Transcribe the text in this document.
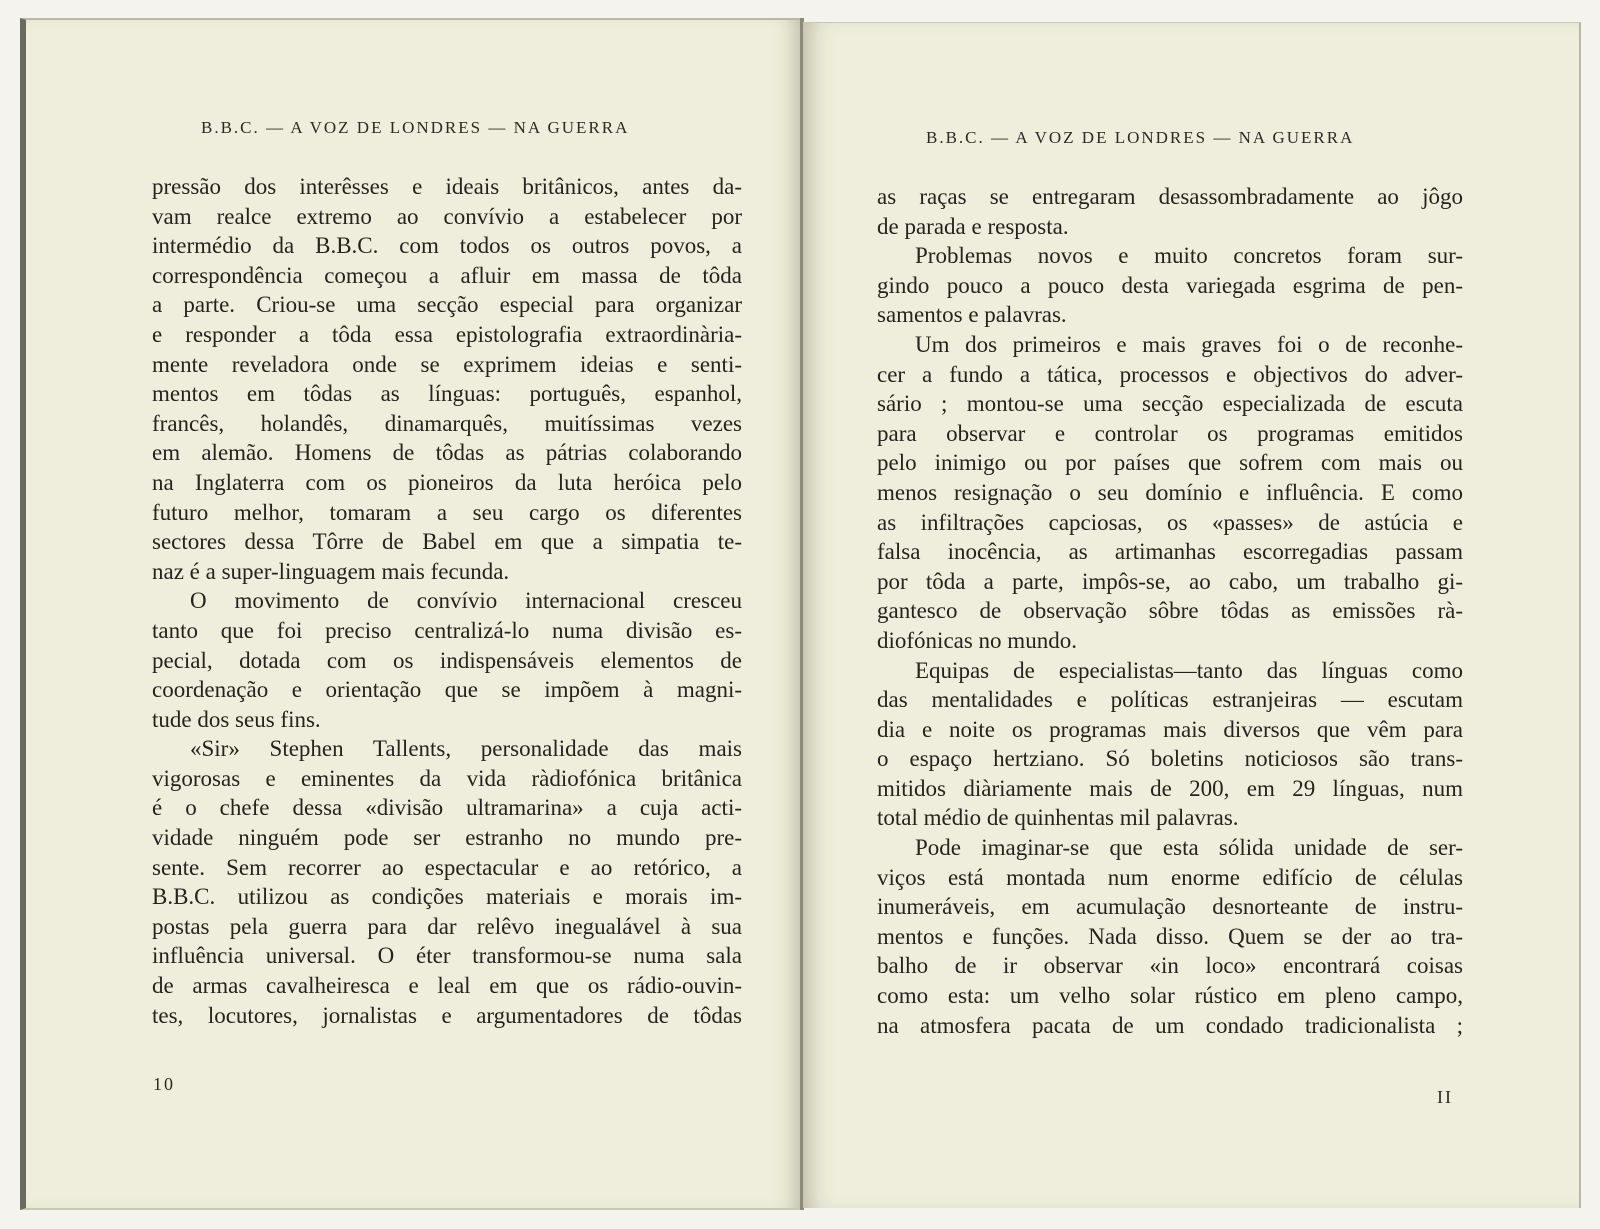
B.B.C. — A VOZ DE LONDRES — NA GUERRA
pressão dos interêsses e ideais britânicos, antes da-
vam realce extremo ao convívio a estabelecer por
intermédio da B.B.C. com todos os outros povos, a
correspondência começou a afluir em massa de tôda
a parte. Criou-se uma secção especial para organizar
e responder a tôda essa epistolografia extraordinària-
mente reveladora onde se exprimem ideias e senti-
mentos em tôdas as línguas: português, espanhol,
francês, holandês, dinamarquês, muitíssimas vezes
em alemão. Homens de tôdas as pátrias colaborando
na Inglaterra com os pioneiros da luta heróica pelo
futuro melhor, tomaram a seu cargo os diferentes
sectores dessa Tôrre de Babel em que a simpatia te-
naz é a super-linguagem mais fecunda.
O movimento de convívio internacional cresceu
tanto que foi preciso centralizá-lo numa divisão es-
pecial, dotada com os indispensáveis elementos de
coordenação e orientação que se impõem à magni-
tude dos seus fins.
«Sir» Stephen Tallents, personalidade das mais
vigorosas e eminentes da vida ràdiofónica britânica
é o chefe dessa «divisão ultramarina» a cuja acti-
vidade ninguém pode ser estranho no mundo pre-
sente. Sem recorrer ao espectacular e ao retórico, a
B.B.C. utilizou as condições materiais e morais im-
postas pela guerra para dar relêvo inegualável à sua
influência universal. O éter transformou-se numa sala
de armas cavalheiresca e leal em que os rádio-ouvin-
tes, locutores, jornalistas e argumentadores de tôdas
10
B.B.C. — A VOZ DE LONDRES — NA GUERRA
as raças se entregaram desassombradamente ao jôgo
de parada e resposta.
Problemas novos e muito concretos foram sur-
gindo pouco a pouco desta variegada esgrima de pen-
samentos e palavras.
Um dos primeiros e mais graves foi o de reconhe-
cer a fundo a tática, processos e objectivos do adver-
sário ; montou-se uma secção especializada de escuta
para observar e controlar os programas emitidos
pelo inimigo ou por países que sofrem com mais ou
menos resignação o seu domínio e influência. E como
as infiltrações capciosas, os «passes» de astúcia e
falsa inocência, as artimanhas escorregadias passam
por tôda a parte, impôs-se, ao cabo, um trabalho gi-
gantesco de observação sôbre tôdas as emissões rà-
diofónicas no mundo.
Equipas de especialistas—tanto das línguas como
das mentalidades e políticas estranjeiras — escutam
dia e noite os programas mais diversos que vêm para
o espaço hertziano. Só boletins noticiosos são trans-
mitidos diàriamente mais de 200, em 29 línguas, num
total médio de quinhentas mil palavras.
Pode imaginar-se que esta sólida unidade de ser-
viços está montada num enorme edifício de células
inumeráveis, em acumulação desnorteante de instru-
mentos e funções. Nada disso. Quem se der ao tra-
balho de ir observar «in loco» encontrará coisas
como esta: um velho solar rústico em pleno campo,
na atmosfera pacata de um condado tradicionalista ;
II
